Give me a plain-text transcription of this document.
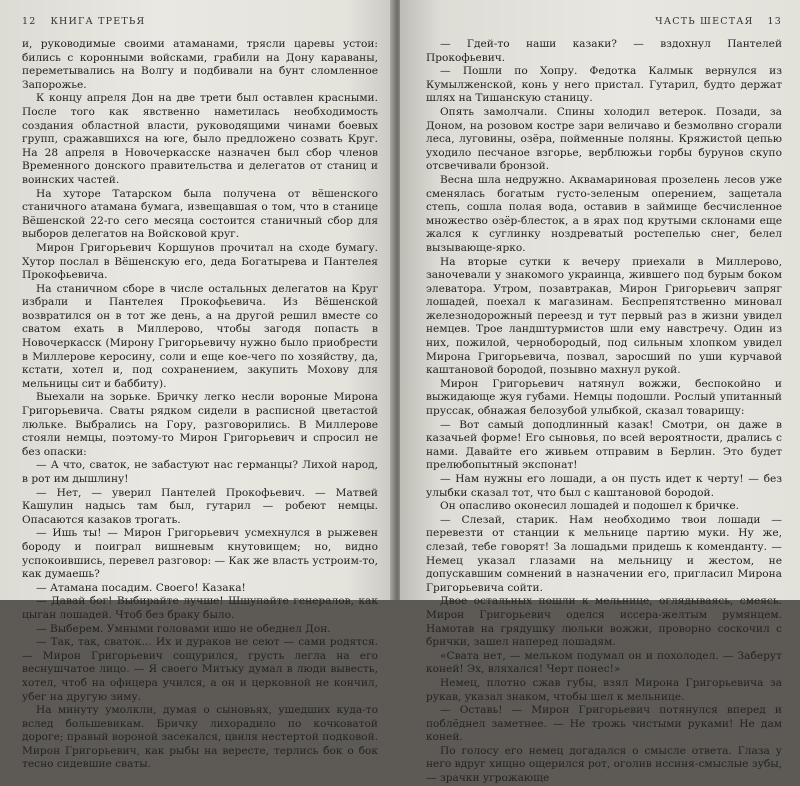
12 КНИГА ТРЕТЬЯ

и, руководимые своими атаманами, трясли царевы устои: бились с коронными войсками, грабили на Дону караваны, переметывались на Волгу и подбивали на бунт сломленное Запорожье.

К концу апреля Дон на две трети был оставлен красными. После того как явственно наметилась необходимость создания областной власти, руководящими чинами боевых групп, сражавшихся на юге, было предложено созвать Круг. На 28 апреля в Новочеркасске назначен был сбор членов Временного донского правительства и делегатов от станиц и воинских частей.

На хуторе Татарском была получена от вёшенского станичного атамана бумага, извещавшая о том, что в станице Вёшенской 22-го сего месяца состоится станичный сбор для выборов делегатов на Войсковой круг.

Мирон Григорьевич Коршунов прочитал на сходе бумагу. Хутор послал в Вёшенскую его, деда Богатырева и Пантелея Прокофьевича.

На станичном сборе в числе остальных делегатов на Круг избрали и Пантелея Прокофьевича. Из Вёшенской возвратился он в тот же день, а на другой решил вместе со сватом ехать в Миллерово, чтобы загодя попасть в Новочеркасск (Мирону Григорьевичу нужно было приобрести в Миллерове керосину, соли и еще кое-чего по хозяйству, да, кстати, хотел и, под сохранением, закупить Мохову для мельницы сит и баббиту).

Выехали на зорьке. Бричку легко несли вороные Мирона Григорьевича. Сваты рядком сидели в расписной цветастой люльке. Выбрались на Гору, разговорились. В Миллерове стояли немцы, поэтому-то Мирон Григорьевич и спросил не без опаски:

— А что, сваток, не забастуют нас германцы? Лихой народ, в рот им дышлину!

— Нет, — уверил Пантелей Прокофьевич. — Матвей Кашулин надысь там был, гутарил — робеют немцы. Опасаются казаков трогать.

— Ишь ты! — Мирон Григорьевич усмехнулся в рыжевен бороду и поиграл вишневым кнутовищем; но, видно успокоившись, перевел разговор: — Как же власть устроим-то, как думаешь?

— Атамана посадим. Своего! Казака!

— Давай бог! Выбирайте лучше! Шшупайте генералов, как цыган лошадей. Чтоб без браку было.

— Выберем. Умными головами ишо не обеднел Дон.

— Так, так, сваток… Их и дураков не сеют — сами родятся. — Мирон Григорьевич сощурился, грусть легла на его веснушчатое лицо. — Я своего Митьку думал в люди вывесть, хотел, чтоб на офицера учился, а он и церковной не кончил, убег на другую зиму.

На минуту умолкли, думая о сыновьях, ушедших куда-то вслед большевикам. Бричку лихорадило по кочковатой дороге; правый вороной засекался, цвиля нестертой подковой. Мирон Григорьевич, как рыбы на вересте, терлись бок о бок тесно сидевшие сваты.

ЧАСТЬ ШЕСТАЯ 13

— Гдей-то наши казаки? — вздохнул Пантелей Прокофьевич.

— Пошли по Хопру. Федотка Калмык вернулся из Кумылженской, конь у него пристал. Гутарил, будто держат шлях на Тишанскую станицу.

Опять замолчали. Спины холодил ветерок. Позади, за Доном, на розовом костре зари величаво и безмолвно сгорали леса, луговины, озёра, пойменные поляны. Кряжистой цепью уходило песчаное взгорье, верблюжьи горбы бурунов скупо отсвечивали бронзой.

Весна шла недружно. Аквамариновая прозелень лесов уже сменялась богатым густо-зеленым оперением, защетала степь, сошла полая вода, оставив в займище бесчисленное множество озёр-блесток, а в ярах под крутыми склонами еще жался к суглинку ноздреватый ростепелью снег, белел вызывающе-ярко.

На вторые сутки к вечеру приехали в Миллерово, заночевали у знакомого украинца, жившего под бурым боком элеватора. Утром, позавтракав, Мирон Григорьевич запряг лошадей, поехал к магазинам. Беспрепятственно миновал железнодорожный переезд и тут первый раз в жизни увидел немцев. Трое ландштурмистов шли ему навстречу. Один из них, пожилой, чернобородый, под сильным хлопком увидел Мирона Григорьевича, позвал, заросший по уши курчавой каштановой бородой, позывно махнул рукой.

Мирон Григорьевич натянул вожжи, беспокойно и выжидающе жуя губами. Немцы подошли. Рослый упитанный пруссак, обнажая белозубой улыбкой, сказал товарищу:

— Вот самый доподлинный казак! Смотри, он даже в казачьей форме! Его сыновья, по всей вероятности, дрались с нами. Давайте его живьем отправим в Берлин. Это будет прелюбопытный экспонат!

— Нам нужны его лошади, а он пусть идет к черту! — без улыбки сказал тот, что был с каштановой бородой.

Он опасливо оконесил лошадей и подошел к бричке.

— Слезай, старик. Нам необходимо твои лошади — перевезти от станции к мельнице партию муки. Ну же, слезай, тебе говорят! За лошадьми придешь к коменданту. — Немец указал глазами на мельницу и жестом, не допускавшим сомнений в назначении его, пригласил Мирона Григорьевича сойти.

Двое остальных пошли к мельнице, оглядываясь, смеясь. Мирон Григорьевич оделся иссера-желтым румянцем. Намотав на грядушку люльки вожжи, проворно соскочил с брички, зашел наперед лошадям.

«Свата нет, — мельком подумал он и похолодел. — Заберут коней! Эх, вляхался! Черт понес!»

Немец, плотно сжав губы, взял Мирона Григорьевича за рукав, указал знаком, чтобы шел к мельнице.

— Оставь! — Мирон Григорьевич потянулся вперед и поблёднел заметнее. — Не трожь чистыми руками! Не дам коней.

По голосу его немец догадался о смысле ответа. Глаза у него вдруг хищно ощерился рот, оголив иссиня-смыслые зубы, — зрачки угрожающе
